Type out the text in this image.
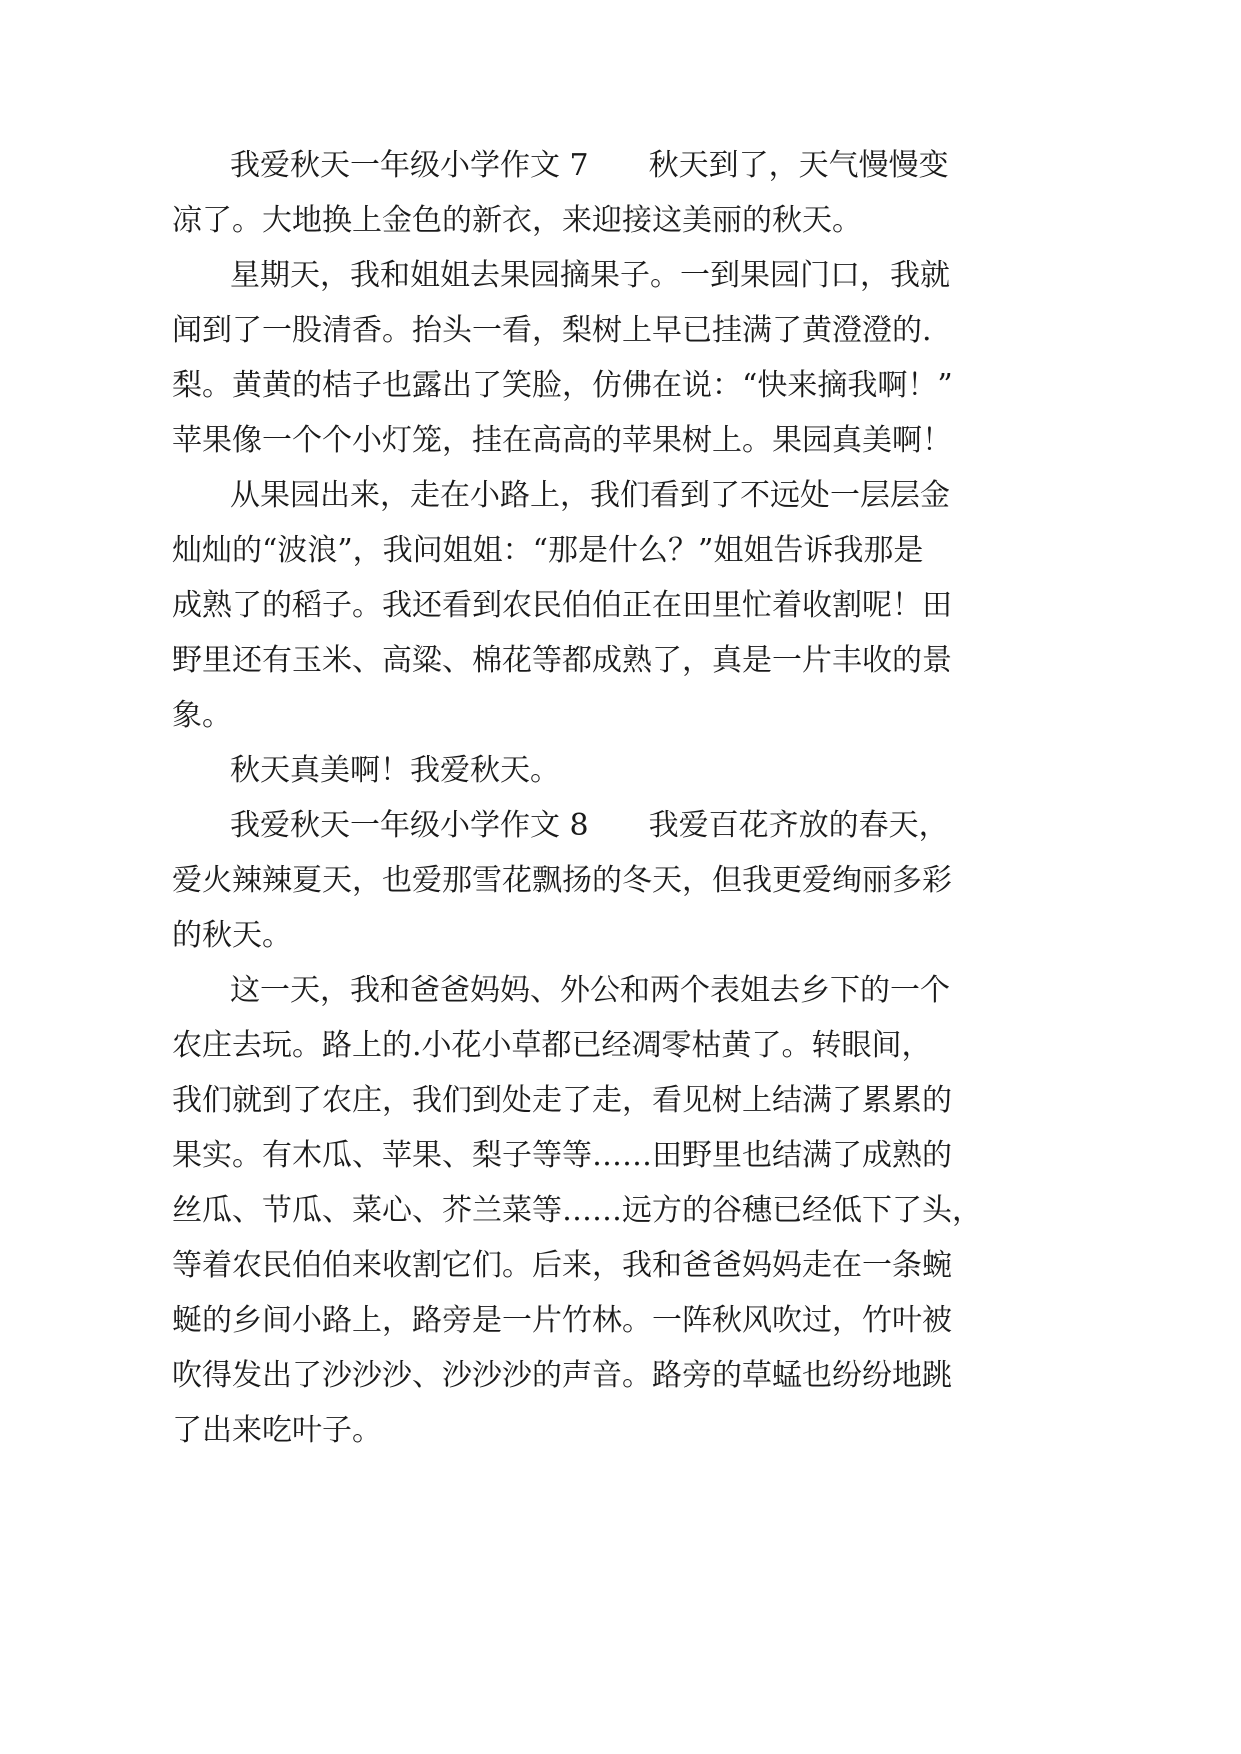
我爱秋天一年级小学作文 7　　秋天到了，天气慢慢变

凉了。大地换上金色的新衣，来迎接这美丽的秋天。

星期天，我和姐姐去果园摘果子。一到果园门口，我就

闻到了一股清香。抬头一看，梨树上早已挂满了黄澄澄的.

梨。黄黄的桔子也露出了笑脸，仿佛在说：“快来摘我啊！”

苹果像一个个小灯笼，挂在高高的苹果树上。果园真美啊！

从果园出来，走在小路上，我们看到了不远处一层层金

灿灿的“波浪”，我问姐姐：“那是什么？”姐姐告诉我那是

成熟了的稻子。我还看到农民伯伯正在田里忙着收割呢！田

野里还有玉米、高粱、棉花等都成熟了，真是一片丰收的景

象。

秋天真美啊！我爱秋天。

我爱秋天一年级小学作文 8　　我爱百花齐放的春天，

爱火辣辣夏天，也爱那雪花飘扬的冬天，但我更爱绚丽多彩

的秋天。

这一天，我和爸爸妈妈、外公和两个表姐去乡下的一个

农庄去玩。路上的.小花小草都已经凋零枯黄了。转眼间，

我们就到了农庄，我们到处走了走，看见树上结满了累累的

果实。有木瓜、苹果、梨子等等……田野里也结满了成熟的

丝瓜、节瓜、菜心、芥兰菜等……远方的谷穗已经低下了头，

等着农民伯伯来收割它们。后来，我和爸爸妈妈走在一条蜿

蜒的乡间小路上，路旁是一片竹林。一阵秋风吹过，竹叶被

吹得发出了沙沙沙、沙沙沙的声音。路旁的草蜢也纷纷地跳

了出来吃叶子。
